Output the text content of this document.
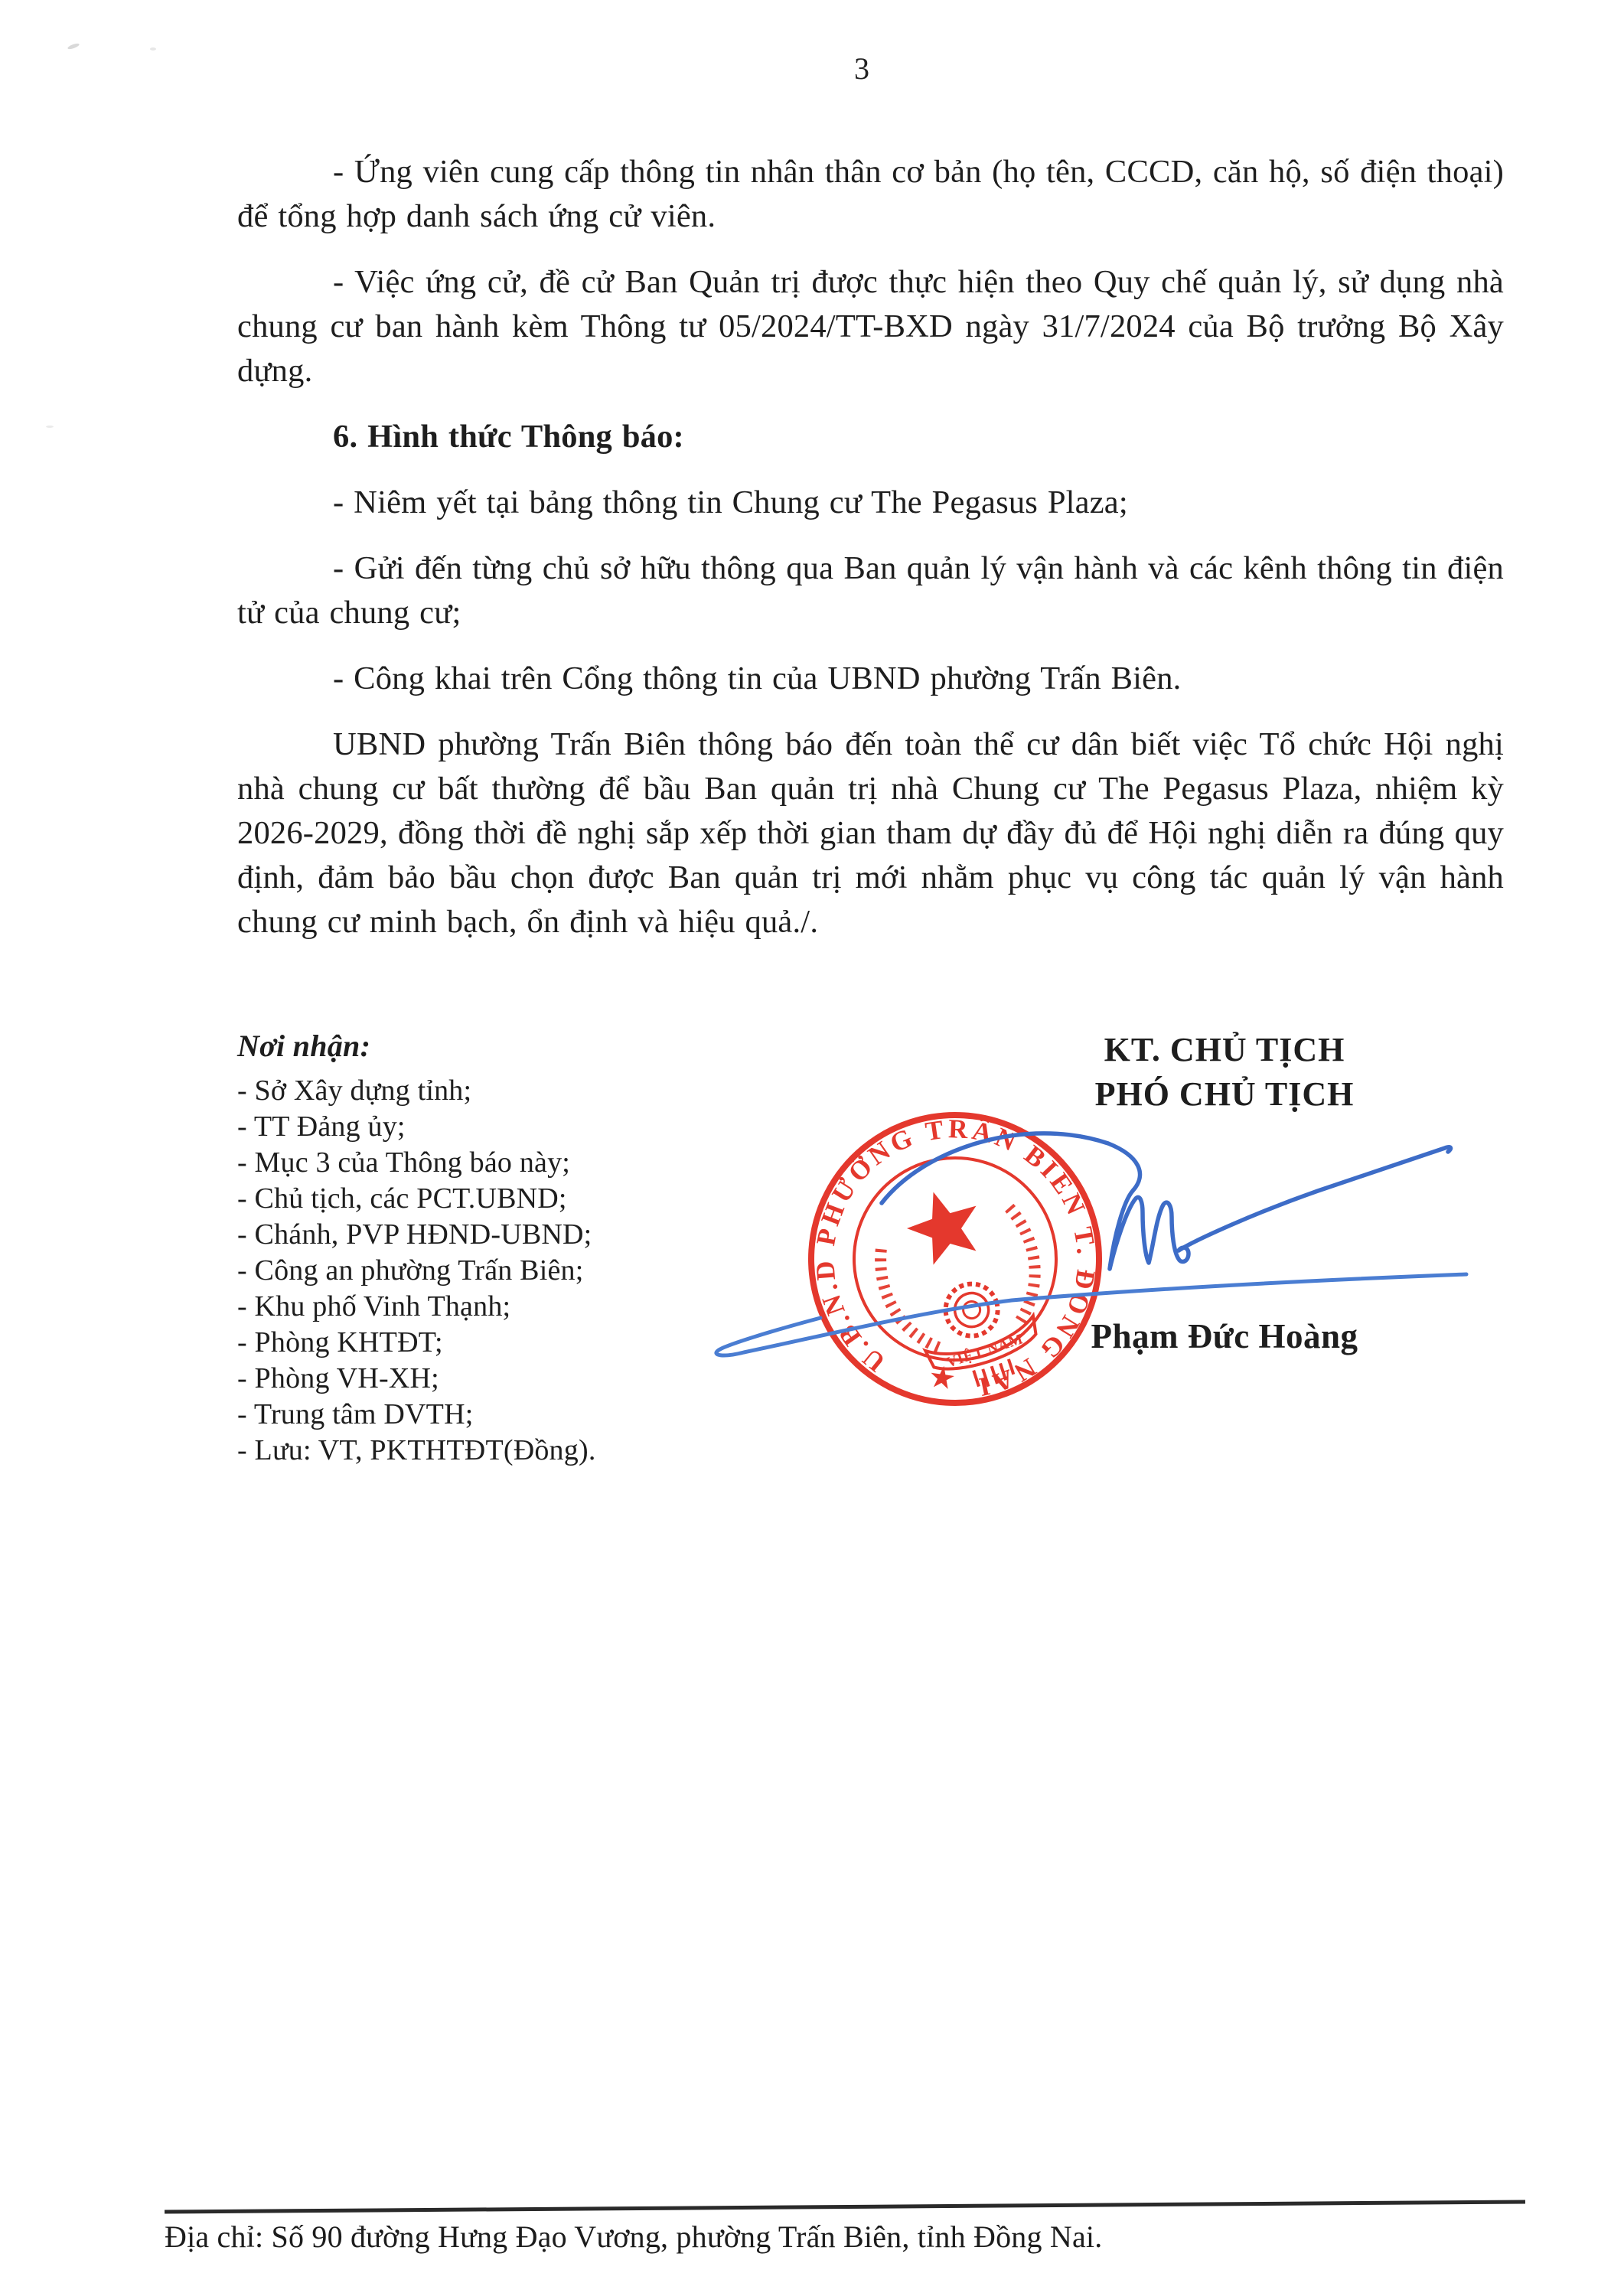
3

- Ứng viên cung cấp thông tin nhân thân cơ bản (họ tên, CCCD, căn hộ, số điện thoại) để tổng hợp danh sách ứng cử viên.

- Việc ứng cử, đề cử Ban Quản trị được thực hiện theo Quy chế quản lý, sử dụng nhà chung cư ban hành kèm Thông tư 05/2024/TT-BXD ngày 31/7/2024 của Bộ trưởng Bộ Xây dựng.

6. Hình thức Thông báo:

- Niêm yết tại bảng thông tin Chung cư The Pegasus Plaza;

- Gửi đến từng chủ sở hữu thông qua Ban quản lý vận hành và các kênh thông tin điện tử của chung cư;

- Công khai trên Cổng thông tin của UBND phường Trấn Biên.

UBND phường Trấn Biên thông báo đến toàn thể cư dân biết việc Tổ chức Hội nghị nhà chung cư bất thường để bầu Ban quản trị nhà Chung cư The Pegasus Plaza, nhiệm kỳ 2026-2029, đồng thời đề nghị sắp xếp thời gian tham dự đầy đủ để Hội nghị diễn ra đúng quy định, đảm bảo bầu chọn được Ban quản trị mới nhằm phục vụ công tác quản lý vận hành chung cư minh bạch, ổn định và hiệu quả./.

Nơi nhận:
- Sở Xây dựng tỉnh;
- TT Đảng ủy;
- Mục 3 của Thông báo này;
- Chủ tịch, các PCT.UBND;
- Chánh, PVP HĐND-UBND;
- Công an phường Trấn Biên;
- Khu phố Vinh Thạnh;
- Phòng KHTĐT;
- Phòng VH-XH;
- Trung tâm DVTH;
- Lưu: VT, PKTHTĐT(Đồng).
KT. CHỦ TỊCH
PHÓ CHỦ TỊCH
Phạm Đức Hoàng
U.B.N.D PHƯỜNG TRẤN BIÊN T. ĐỒNG NAI
★
VIỆT NAM
Địa chỉ: Số 90 đường Hưng Đạo Vương, phường Trấn Biên, tỉnh Đồng Nai.
